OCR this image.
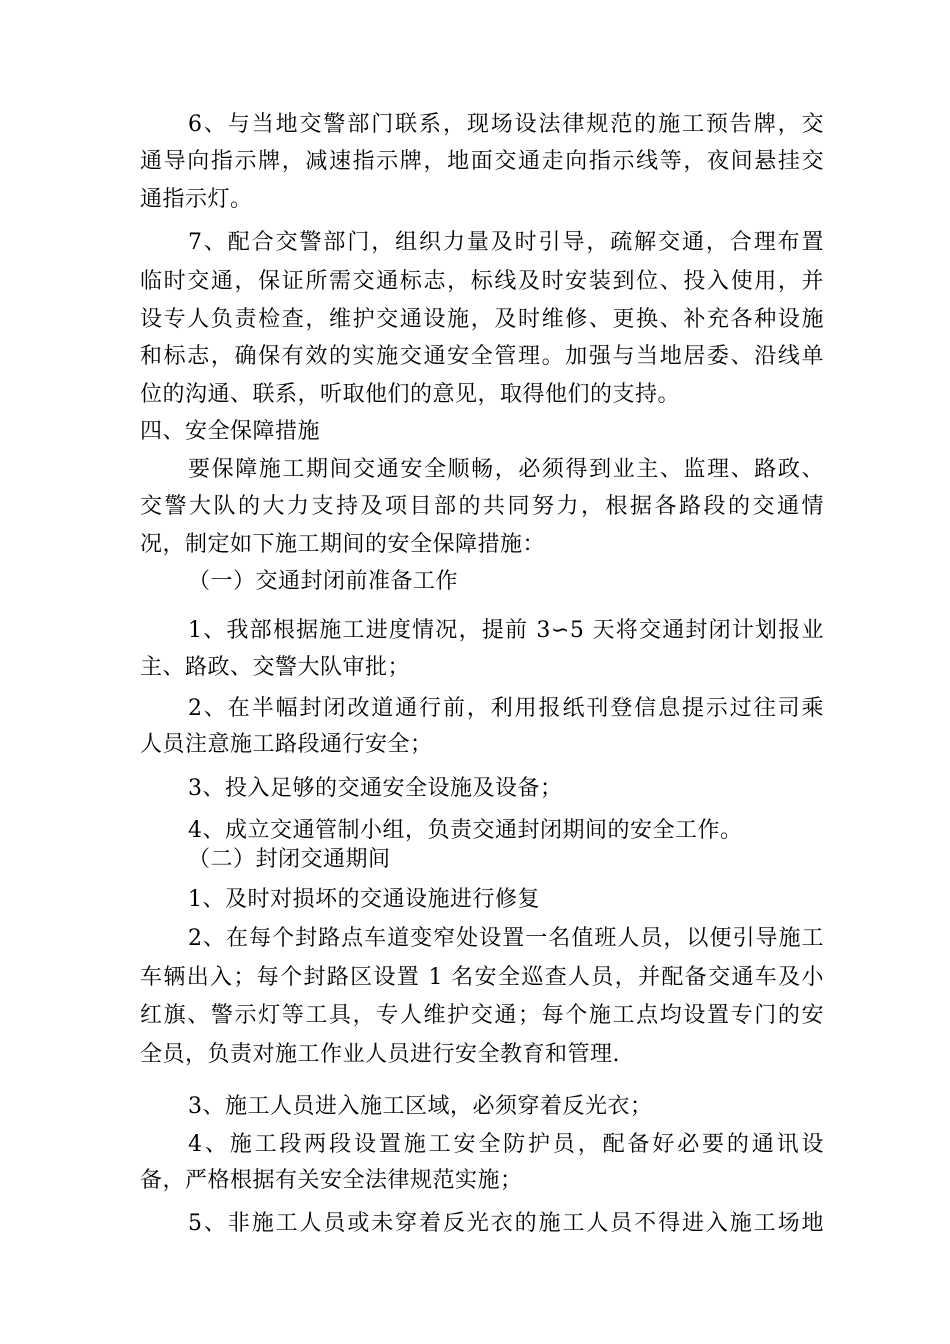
6、与当地交警部门联系，现场设法律规范的施工预告牌，交
通导向指示牌，减速指示牌，地面交通走向指示线等，夜间悬挂交
通指示灯。
7、配合交警部门，组织力量及时引导，疏解交通，合理布置
临时交通，保证所需交通标志，标线及时安装到位、投入使用，并
设专人负责检查，维护交通设施，及时维修、更换、补充各种设施
和标志，确保有效的实施交通安全管理。加强与当地居委、沿线单
位的沟通、联系，听取他们的意见，取得他们的支持。
四、安全保障措施
要保障施工期间交通安全顺畅，必须得到业主、监理、路政、
交警大队的大力支持及项目部的共同努力，根据各路段的交通情
况，制定如下施工期间的安全保障措施：
（一）交通封闭前准备工作
1、我部根据施工进度情况，提前 3∽5 天将交通封闭计划报业
主、路政、交警大队审批；
2、在半幅封闭改道通行前，利用报纸刊登信息提示过往司乘
人员注意施工路段通行安全；
3、投入足够的交通安全设施及设备；
4、成立交通管制小组，负责交通封闭期间的安全工作。
（二）封闭交通期间
1、及时对损坏的交通设施进行修复
2、在每个封路点车道变窄处设置一名值班人员，以便引导施工
车辆出入；每个封路区设置 1 名安全巡查人员，并配备交通车及小
红旗、警示灯等工具，专人维护交通；每个施工点均设置专门的安
全员，负责对施工作业人员进行安全教育和管理.
3、施工人员进入施工区域，必须穿着反光衣；
4、施工段两段设置施工安全防护员，配备好必要的通讯设
备，严格根据有关安全法律规范实施；
5、非施工人员或未穿着反光衣的施工人员不得进入施工场地
